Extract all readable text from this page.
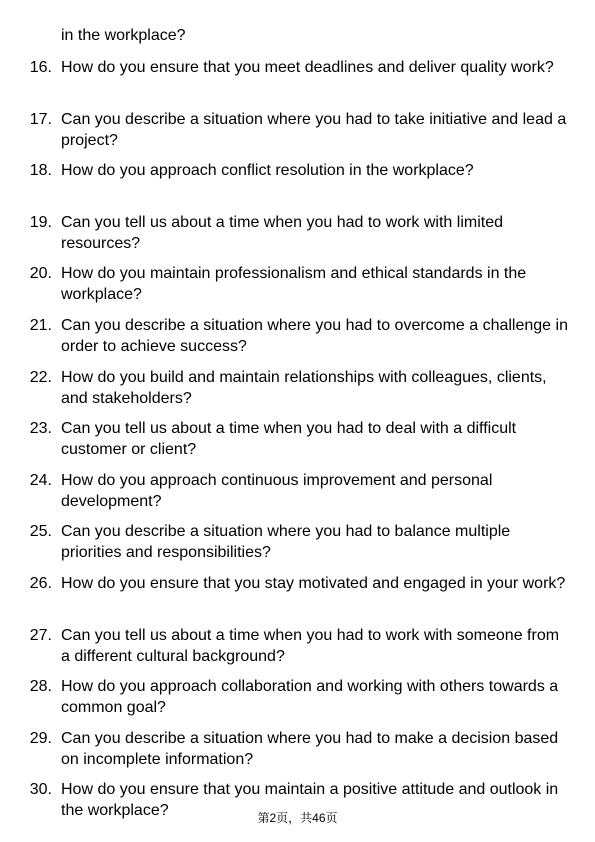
in the workplace?
16. How do you ensure that you meet deadlines and deliver quality work?
17. Can you describe a situation where you had to take initiative and lead a project?
18. How do you approach conflict resolution in the workplace?
19. Can you tell us about a time when you had to work with limited resources?
20. How do you maintain professionalism and ethical standards in the workplace?
21. Can you describe a situation where you had to overcome a challenge in order to achieve success?
22. How do you build and maintain relationships with colleagues, clients, and stakeholders?
23. Can you tell us about a time when you had to deal with a difficult customer or client?
24. How do you approach continuous improvement and personal development?
25. Can you describe a situation where you had to balance multiple priorities and responsibilities?
26. How do you ensure that you stay motivated and engaged in your work?
27. Can you tell us about a time when you had to work with someone from a different cultural background?
28. How do you approach collaboration and working with others towards a common goal?
29. Can you describe a situation where you had to make a decision based on incomplete information?
30. How do you ensure that you maintain a positive attitude and outlook in the workplace?	第2页，共46页
